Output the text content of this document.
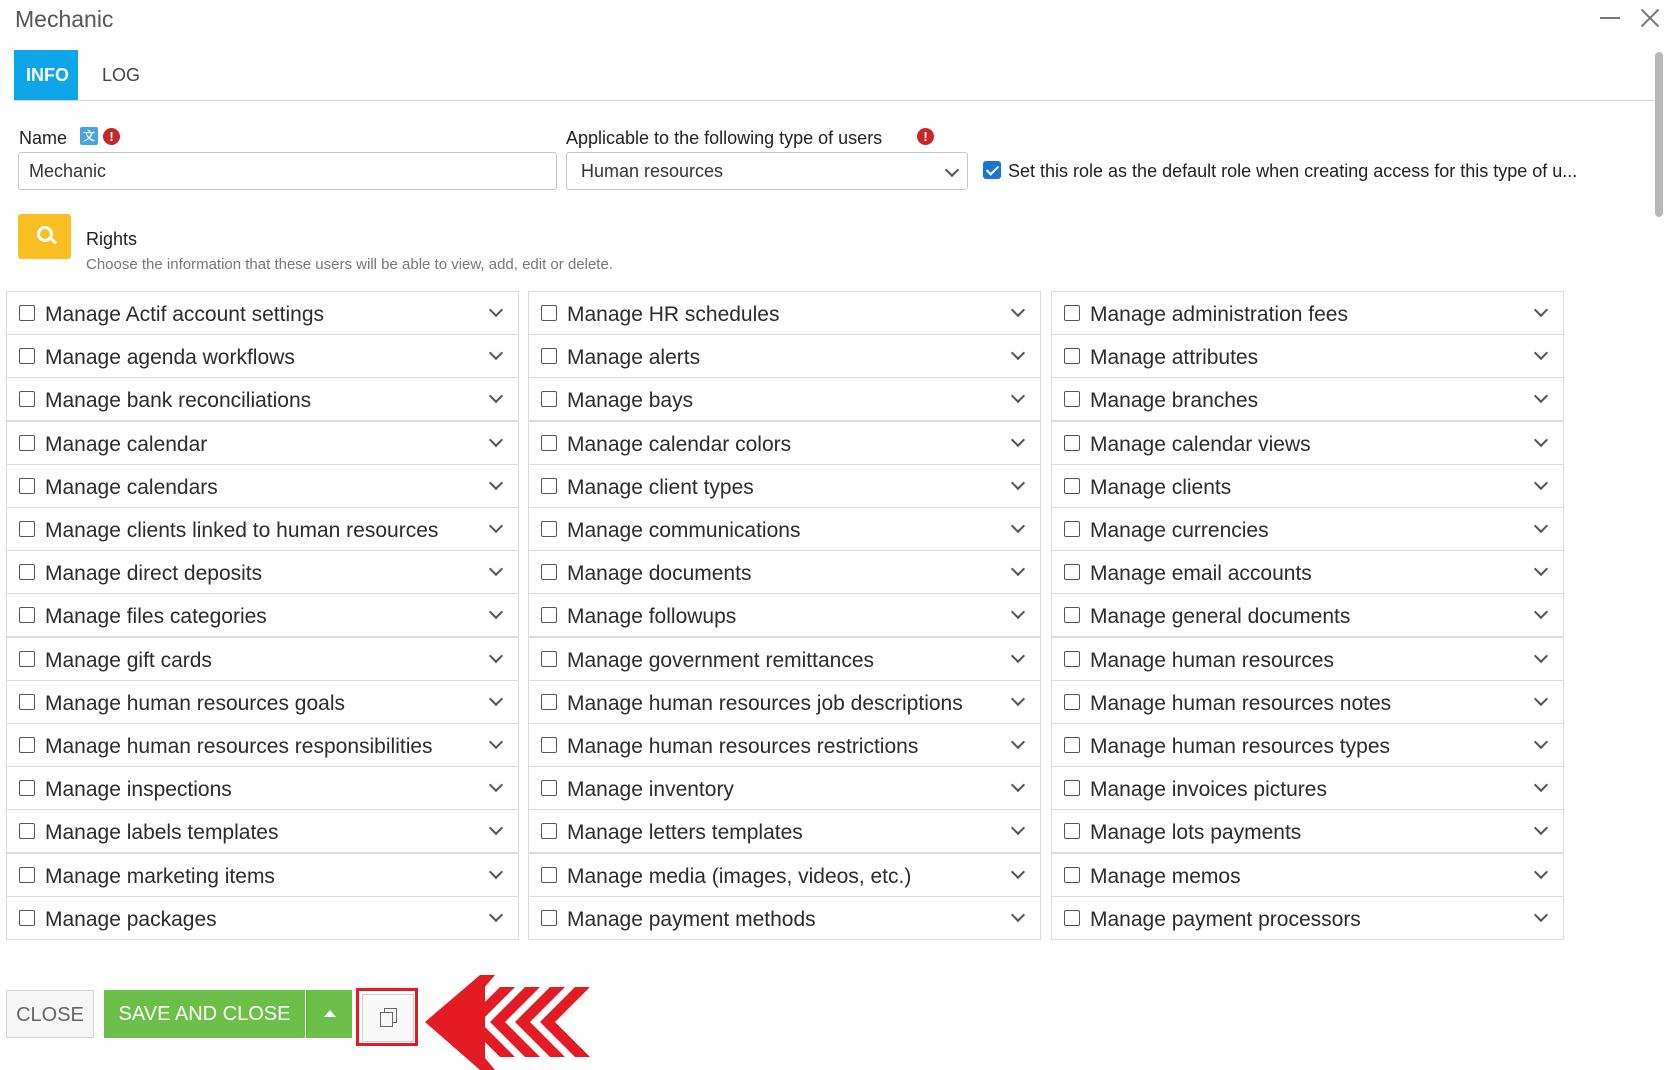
Mechanic
INFO	LOG
Name 文	!
Mechanic
Applicable to the following type of users	!
Human resources	Set this role as the default role when creating access for this type of u...
Rights
Choose the information that these users will be able to view, add, edit or delete.
Manage Actif account settings	Manage HR schedules	Manage administration fees
Manage agenda workflows	Manage alerts	Manage attributes
Manage bank reconciliations	Manage bays	Manage branches
Manage calendar	Manage calendar colors	Manage calendar views
Manage calendars	Manage client types	Manage clients
Manage clients linked to human resources	Manage communications	Manage currencies
Manage direct deposits	Manage documents	Manage email accounts
Manage files categories	Manage followups	Manage general documents
Manage gift cards	Manage government remittances	Manage human resources
Manage human resources goals	Manage human resources job descriptions	Manage human resources notes
Manage human resources responsibilities	Manage human resources restrictions	Manage human resources types
Manage inspections	Manage inventory	Manage invoices pictures
Manage labels templates	Manage letters templates	Manage lots payments
Manage marketing items	Manage media (images, videos, etc.)	Manage memos
Manage packages	Manage payment methods	Manage payment processors
CLOSE	SAVE AND CLOSE
